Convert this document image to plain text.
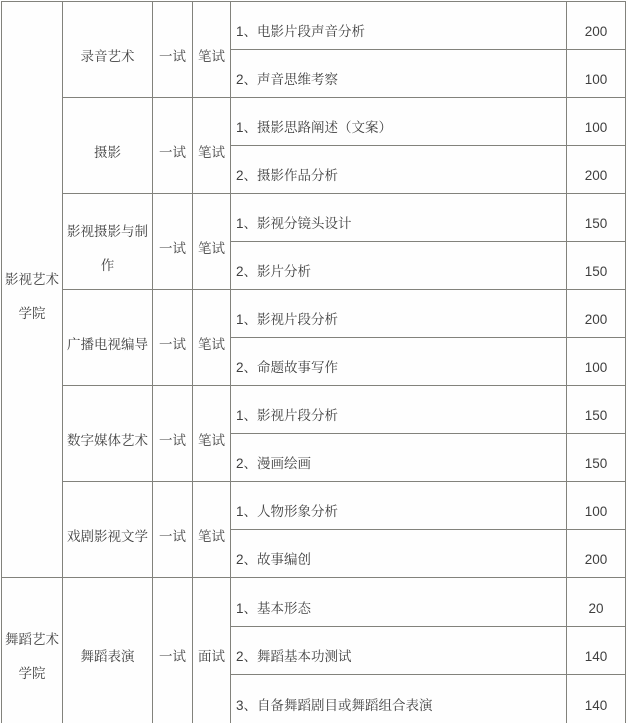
影视艺术学院	录音艺术	一试	笔试	1、电影片段声音分析	200
				2、声音思维考察	100
	摄影	一试	笔试	1、摄影思路阐述（文案）	100
				2、摄影作品分析	200
	影视摄影与制作	一试	笔试	1、影视分镜头设计	150
				2、影片分析	150
	广播电视编导	一试	笔试	1、影视片段分析	200
				2、命题故事写作	100
	数字媒体艺术	一试	笔试	1、影视片段分析	150
				2、漫画绘画	150
	戏剧影视文学	一试	笔试	1、人物形象分析	100
				2、故事编创	200
舞蹈艺术学院	舞蹈表演	一试	面试	1、基本形态	20
				2、舞蹈基本功测试	140
				3、自备舞蹈剧目或舞蹈组合表演	140
